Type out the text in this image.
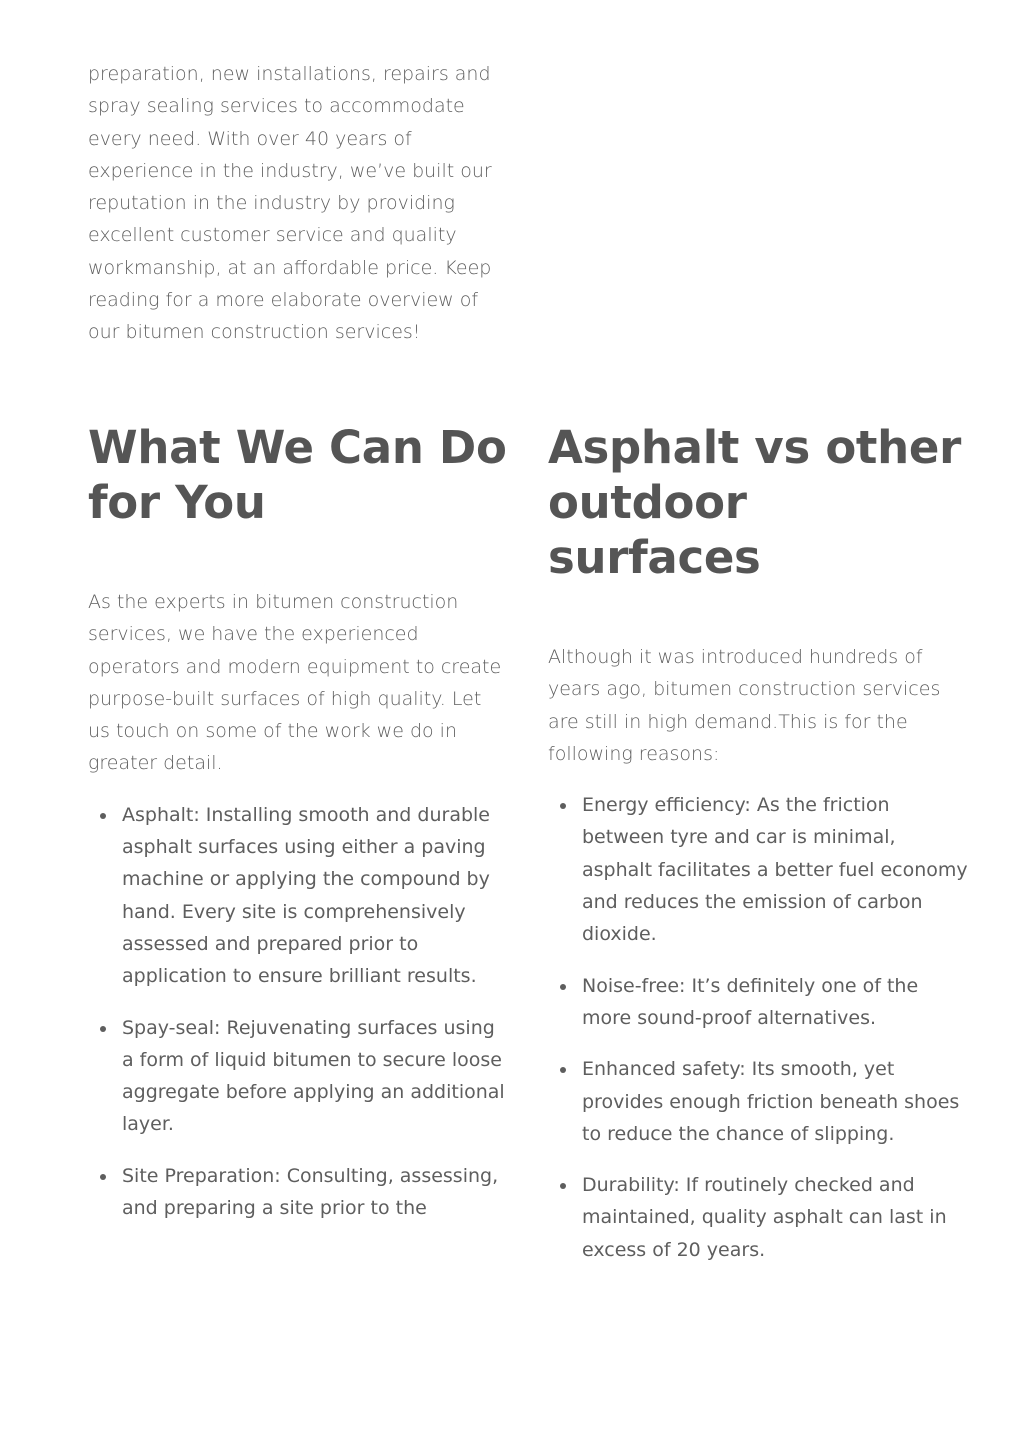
preparation, new installations, repairs and spray sealing services to accommodate every need. With over 40 years of experience in the industry, we’ve built our reputation in the industry by providing excellent customer service and quality workmanship, at an affordable price. Keep reading for a more elaborate overview of our bitumen construction services!

What We Can Do for You

As the experts in bitumen construction services, we have the experienced operators and modern equipment to create purpose-built surfaces of high quality. Let us touch on some of the work we do in greater detail.

Asphalt: Installing smooth and durable asphalt surfaces using either a paving machine or applying the compound by hand. Every site is comprehensively assessed and prepared prior to application to ensure brilliant results.
Spay-seal: Rejuvenating surfaces using a form of liquid bitumen to secure loose aggregate before applying an additional layer.
Site Preparation: Consulting, assessing, and preparing a site prior to the
Asphalt vs other outdoor surfaces

Although it was introduced hundreds of years ago, bitumen construction services are still in high demand.This is for the following reasons:

Energy efficiency: As the friction between tyre and car is minimal, asphalt facilitates a better fuel economy and reduces the emission of carbon dioxide.
Noise-free: It’s definitely one of the more sound-proof alternatives.
Enhanced safety: Its smooth, yet provides enough friction beneath shoes to reduce the chance of slipping.
Durability: If routinely checked and maintained, quality asphalt can last in excess of 20 years.
